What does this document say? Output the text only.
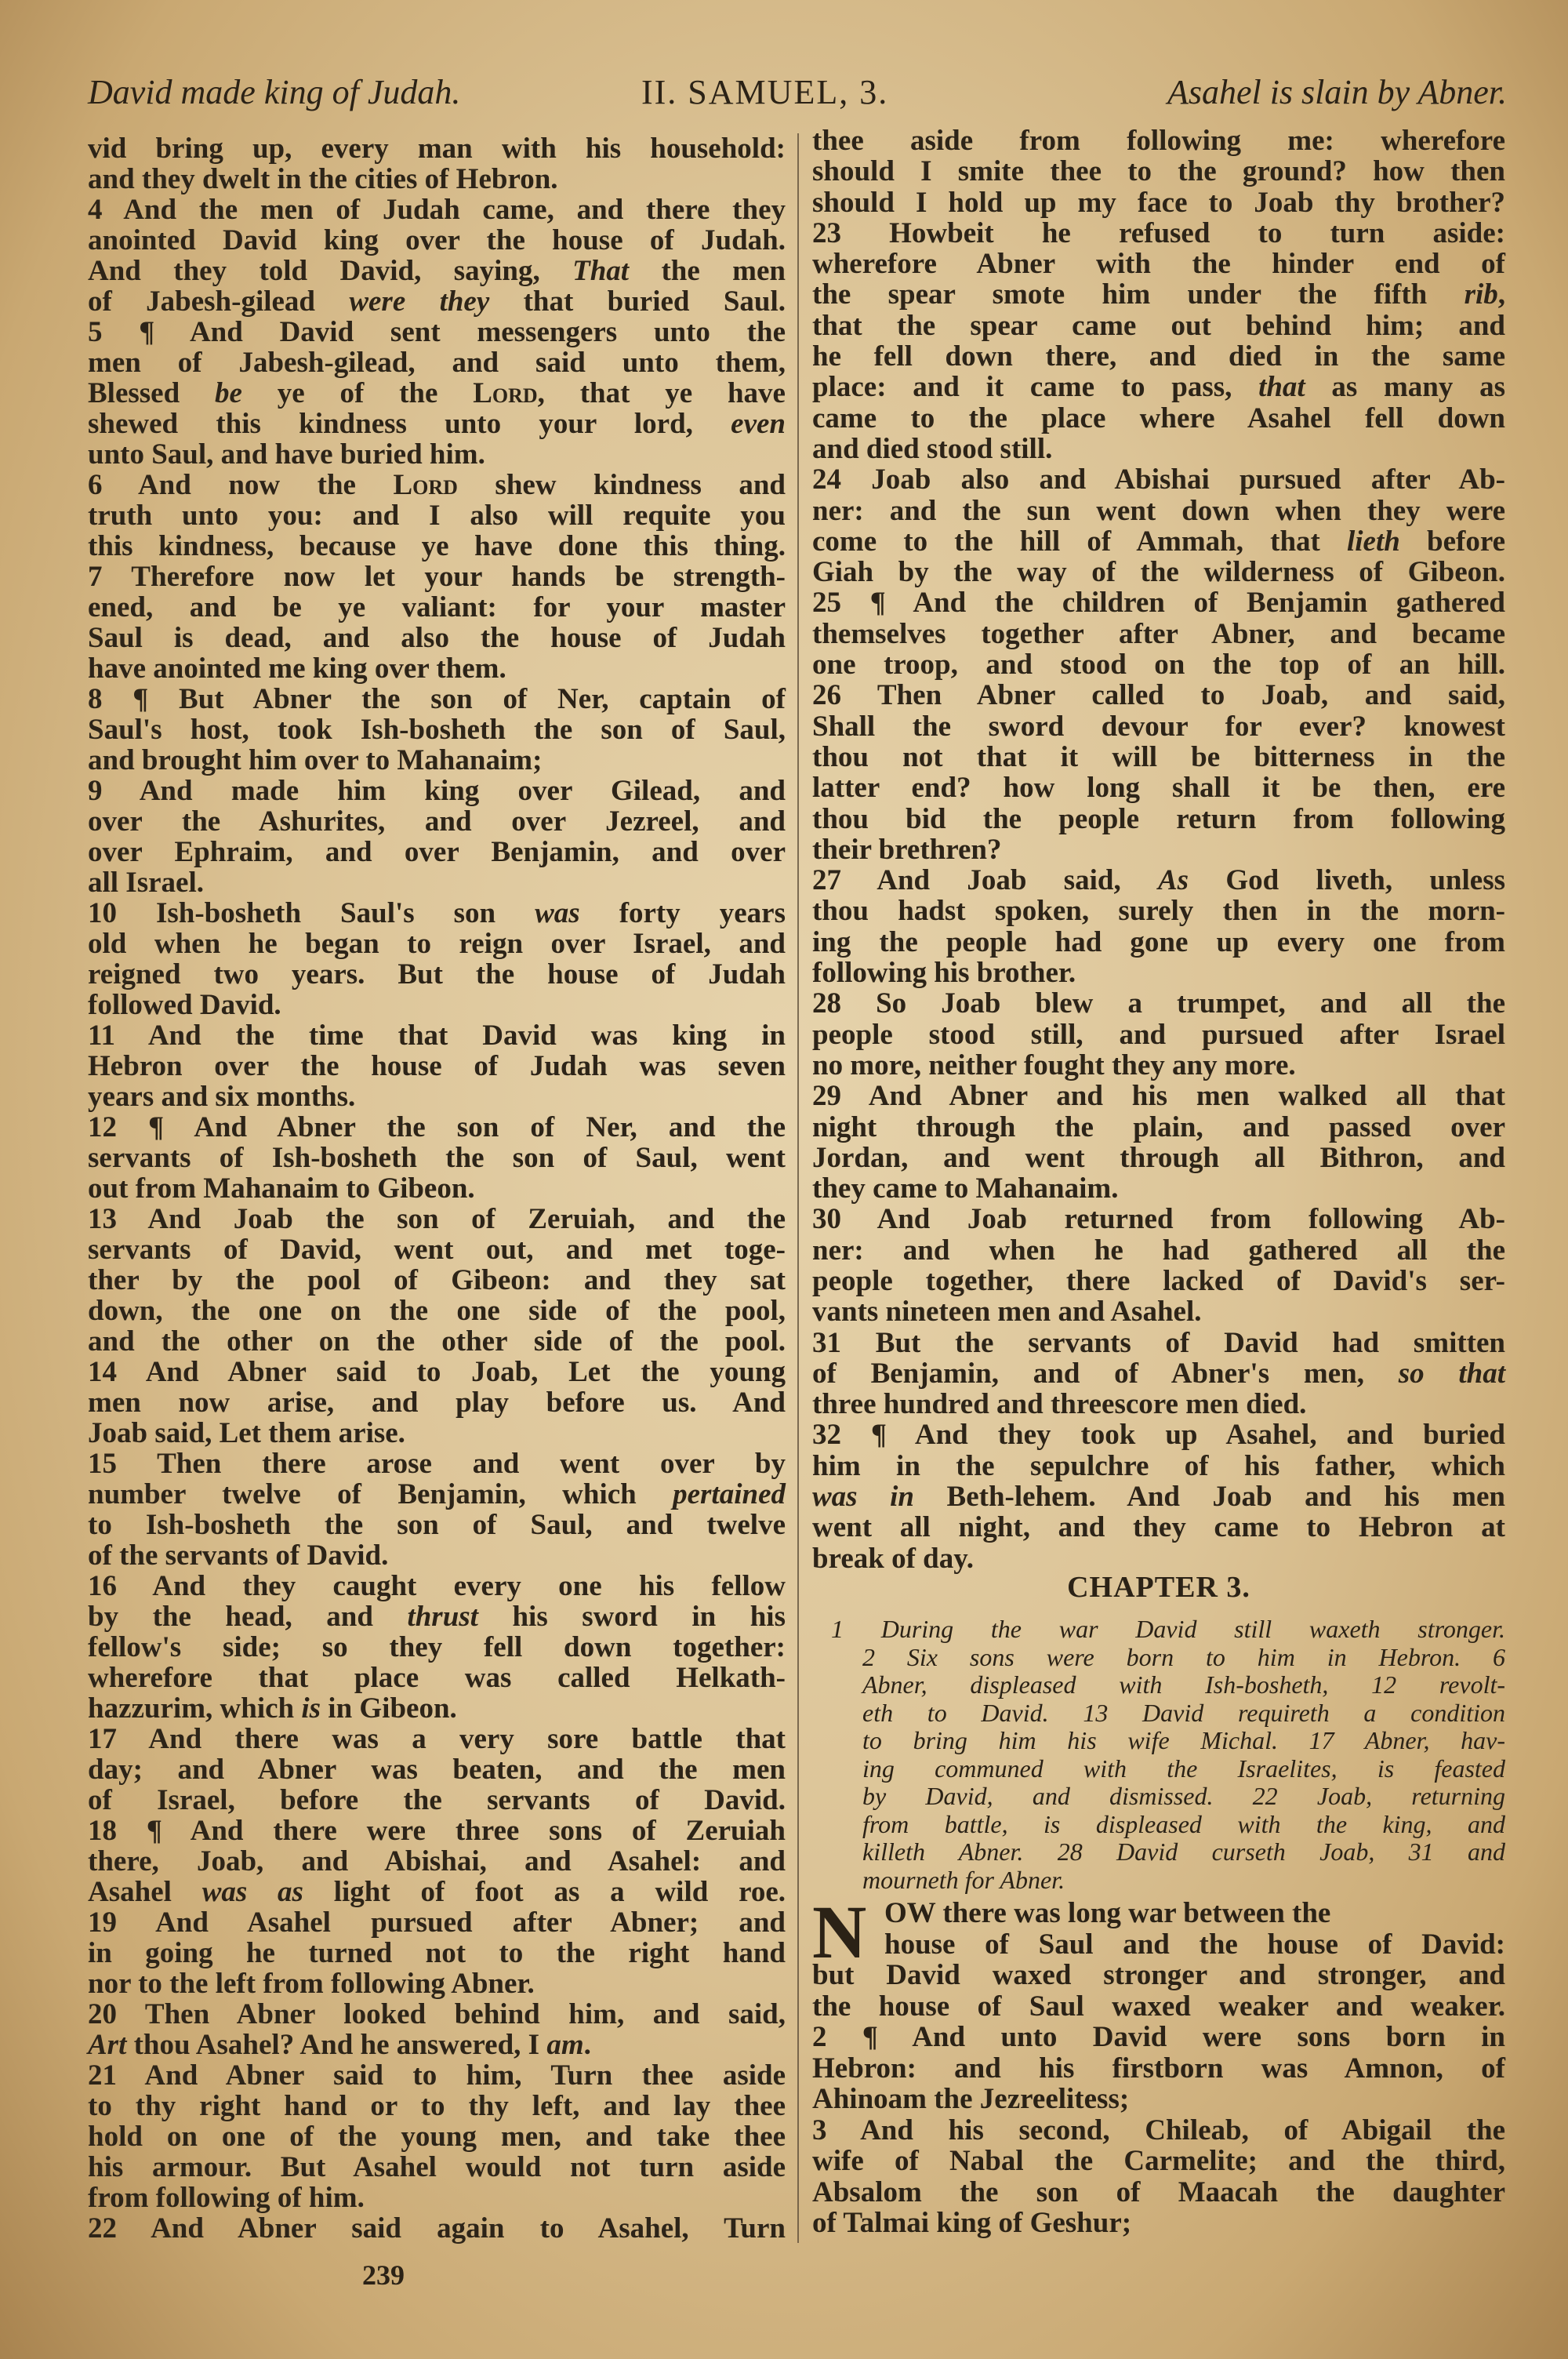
David made king of Judah.	II. SAMUEL, 3.	Asahel is slain by Abner.
vid bring up, every man with his household:
and they dwelt in the cities of Hebron.
4 And the men of Judah came, and there they
anointed David king over the house of Judah.
And they told David, saying, That the men
of Jabesh-gilead were they that buried Saul.
5 ¶ And David sent messengers unto the
men of Jabesh-gilead, and said unto them,
Blessed be ye of the Lord, that ye have
shewed this kindness unto your lord, even
unto Saul, and have buried him.
6 And now the Lord shew kindness and
truth unto you: and I also will requite you
this kindness, because ye have done this thing.
7 Therefore now let your hands be strength-
ened, and be ye valiant: for your master
Saul is dead, and also the house of Judah
have anointed me king over them.
8 ¶ But Abner the son of Ner, captain of
Saul's host, took Ish-bosheth the son of Saul,
and brought him over to Mahanaim;
9 And made him king over Gilead, and
over the Ashurites, and over Jezreel, and
over Ephraim, and over Benjamin, and over
all Israel.
10 Ish-bosheth Saul's son was forty years
old when he began to reign over Israel, and
reigned two years. But the house of Judah
followed David.
11 And the time that David was king in
Hebron over the house of Judah was seven
years and six months.
12 ¶ And Abner the son of Ner, and the
servants of Ish-bosheth the son of Saul, went
out from Mahanaim to Gibeon.
13 And Joab the son of Zeruiah, and the
servants of David, went out, and met toge-
ther by the pool of Gibeon: and they sat
down, the one on the one side of the pool,
and the other on the other side of the pool.
14 And Abner said to Joab, Let the young
men now arise, and play before us. And
Joab said, Let them arise.
15 Then there arose and went over by
number twelve of Benjamin, which pertained
to Ish-bosheth the son of Saul, and twelve
of the servants of David.
16 And they caught every one his fellow
by the head, and thrust his sword in his
fellow's side; so they fell down together:
wherefore that place was called Helkath-
hazzurim, which is in Gibeon.
17 And there was a very sore battle that
day; and Abner was beaten, and the men
of Israel, before the servants of David.
18 ¶ And there were three sons of Zeruiah
there, Joab, and Abishai, and Asahel: and
Asahel was as light of foot as a wild roe.
19 And Asahel pursued after Abner; and
in going he turned not to the right hand
nor to the left from following Abner.
20 Then Abner looked behind him, and said,
Art thou Asahel? And he answered, I am.
21 And Abner said to him, Turn thee aside
to thy right hand or to thy left, and lay thee
hold on one of the young men, and take thee
his armour. But Asahel would not turn aside
from following of him.
22 And Abner said again to Asahel, Turn
thee aside from following me: wherefore
should I smite thee to the ground? how then
should I hold up my face to Joab thy brother?
23 Howbeit he refused to turn aside:
wherefore Abner with the hinder end of
the spear smote him under the fifth rib,
that the spear came out behind him; and
he fell down there, and died in the same
place: and it came to pass, that as many as
came to the place where Asahel fell down
and died stood still.
24 Joab also and Abishai pursued after Ab-
ner: and the sun went down when they were
come to the hill of Ammah, that lieth before
Giah by the way of the wilderness of Gibeon.
25 ¶ And the children of Benjamin gathered
themselves together after Abner, and became
one troop, and stood on the top of an hill.
26 Then Abner called to Joab, and said,
Shall the sword devour for ever? knowest
thou not that it will be bitterness in the
latter end? how long shall it be then, ere
thou bid the people return from following
their brethren?
27 And Joab said, As God liveth, unless
thou hadst spoken, surely then in the morn-
ing the people had gone up every one from
following his brother.
28 So Joab blew a trumpet, and all the
people stood still, and pursued after Israel
no more, neither fought they any more.
29 And Abner and his men walked all that
night through the plain, and passed over
Jordan, and went through all Bithron, and
they came to Mahanaim.
30 And Joab returned from following Ab-
ner: and when he had gathered all the
people together, there lacked of David's ser-
vants nineteen men and Asahel.
31 But the servants of David had smitten
of Benjamin, and of Abner's men, so that
three hundred and threescore men died.
32 ¶ And they took up Asahel, and buried
him in the sepulchre of his father, which
was in Beth-lehem. And Joab and his men
went all night, and they came to Hebron at
break of day.
CHAPTER 3.
1 During the war David still waxeth stronger.
2 Six sons were born to him in Hebron. 6
Abner, displeased with Ish-bosheth, 12 revolt-
eth to David. 13 David requireth a condition
to bring him his wife Michal. 17 Abner, hav-
ing communed with the Israelites, is feasted
by David, and dismissed. 22 Joab, returning
from battle, is displeased with the king, and
killeth Abner. 28 David curseth Joab, 31 and
mourneth for Abner.
N OW there was long war between the
house of Saul and the house of David:
but David waxed stronger and stronger, and
the house of Saul waxed weaker and weaker.
2 ¶ And unto David were sons born in
Hebron: and his firstborn was Amnon, of
Ahinoam the Jezreelitess;
3 And his second, Chileab, of Abigail the
wife of Nabal the Carmelite; and the third,
Absalom the son of Maacah the daughter
of Talmai king of Geshur;
239
